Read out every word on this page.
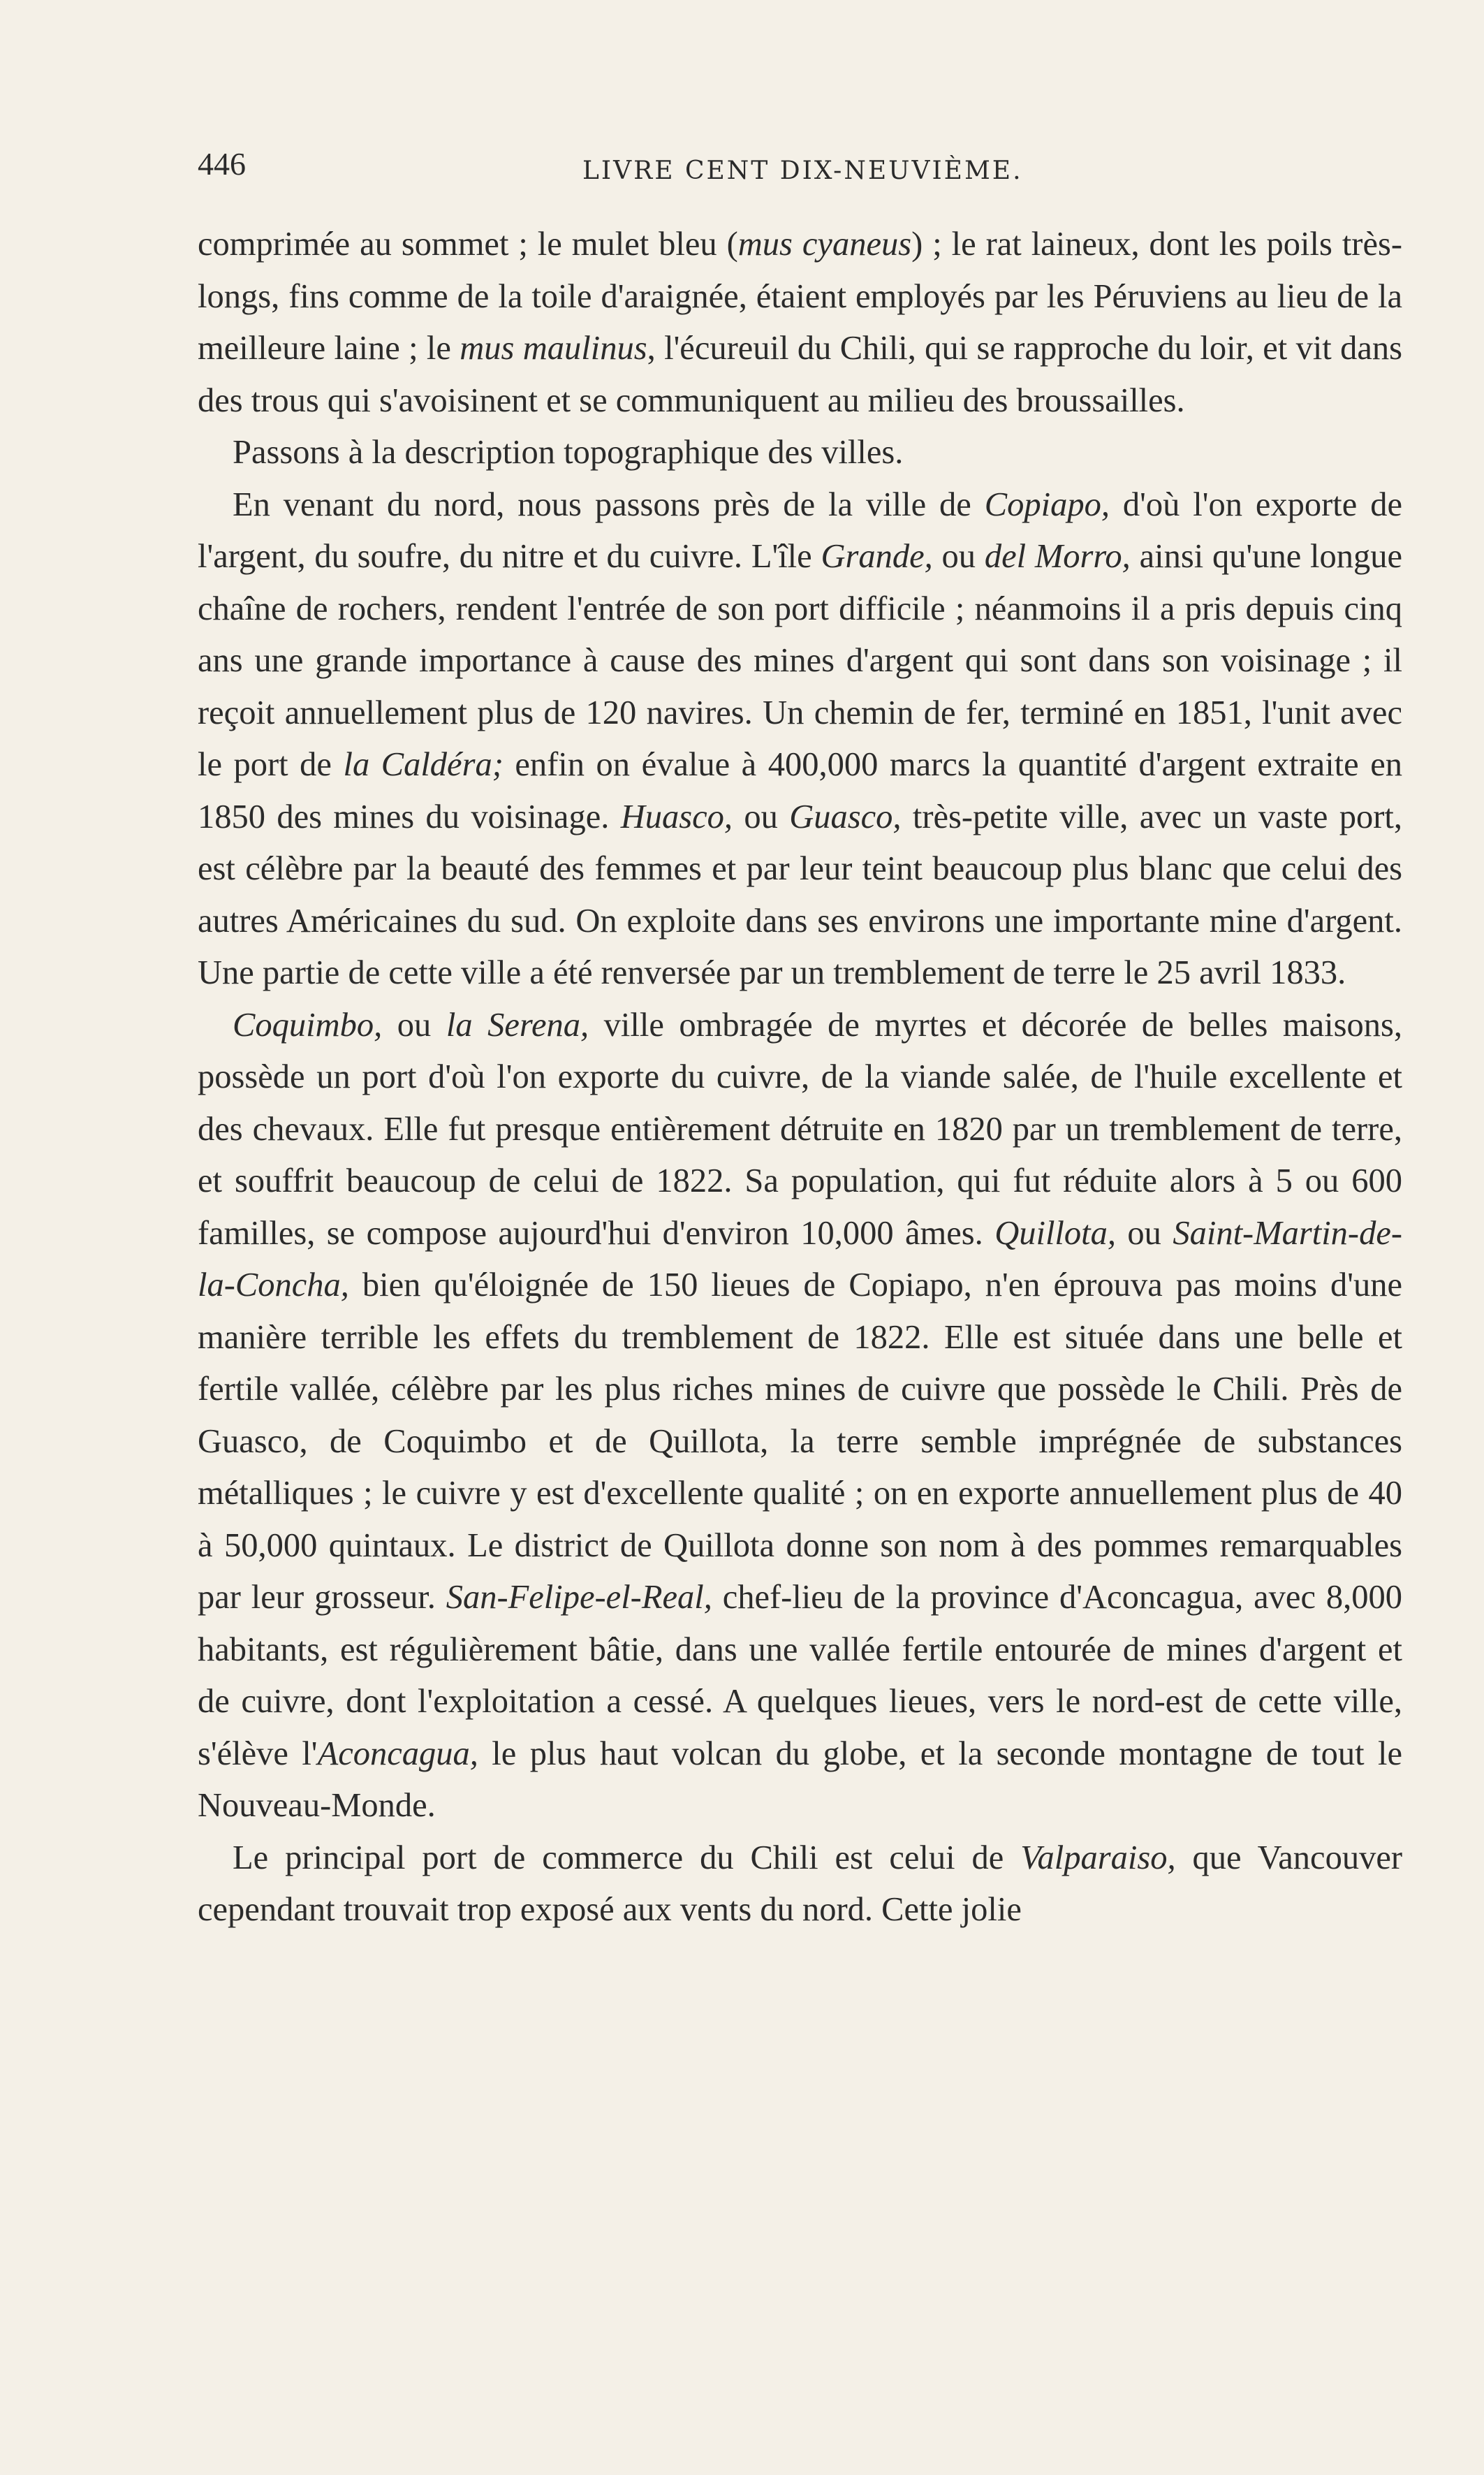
446	LIVRE CENT DIX-NEUVIÈME.

comprimée au sommet ; le mulet bleu (mus cyaneus) ; le rat laineux, dont les poils très-longs, fins comme de la toile d'araignée, étaient employés par les Péruviens au lieu de la meilleure laine ; le mus maulinus, l'écureuil du Chili, qui se rapproche du loir, et vit dans des trous qui s'avoisinent et se communiquent au milieu des broussailles.

Passons à la description topographique des villes.

En venant du nord, nous passons près de la ville de Copiapo, d'où l'on exporte de l'argent, du soufre, du nitre et du cuivre. L'île Grande, ou del Morro, ainsi qu'une longue chaîne de rochers, rendent l'entrée de son port difficile ; néanmoins il a pris depuis cinq ans une grande importance à cause des mines d'argent qui sont dans son voisinage ; il reçoit annuellement plus de 120 navires. Un chemin de fer, terminé en 1851, l'unit avec le port de la Caldéra; enfin on évalue à 400,000 marcs la quantité d'argent extraite en 1850 des mines du voisinage. Huasco, ou Guasco, très-petite ville, avec un vaste port, est célèbre par la beauté des femmes et par leur teint beaucoup plus blanc que celui des autres Américaines du sud. On exploite dans ses environs une importante mine d'argent. Une partie de cette ville a été renversée par un tremblement de terre le 25 avril 1833.

Coquimbo, ou la Serena, ville ombragée de myrtes et décorée de belles maisons, possède un port d'où l'on exporte du cuivre, de la viande salée, de l'huile excellente et des chevaux. Elle fut presque entièrement détruite en 1820 par un tremblement de terre, et souffrit beaucoup de celui de 1822. Sa population, qui fut réduite alors à 5 ou 600 familles, se compose aujourd'hui d'environ 10,000 âmes. Quillota, ou Saint-Martin-de-la-Concha, bien qu'éloignée de 150 lieues de Copiapo, n'en éprouva pas moins d'une manière terrible les effets du tremblement de 1822. Elle est située dans une belle et fertile vallée, célèbre par les plus riches mines de cuivre que possède le Chili. Près de Guasco, de Coquimbo et de Quillota, la terre semble imprégnée de substances métalliques ; le cuivre y est d'excellente qualité ; on en exporte annuellement plus de 40 à 50,000 quintaux. Le district de Quillota donne son nom à des pommes remarquables par leur grosseur. San-Felipe-el-Real, chef-lieu de la province d'Aconcagua, avec 8,000 habitants, est régulièrement bâtie, dans une vallée fertile entourée de mines d'argent et de cuivre, dont l'exploitation a cessé. A quelques lieues, vers le nord-est de cette ville, s'élève l'Aconcagua, le plus haut volcan du globe, et la seconde montagne de tout le Nouveau-Monde.

Le principal port de commerce du Chili est celui de Valparaiso, que Vancouver cependant trouvait trop exposé aux vents du nord. Cette jolie
